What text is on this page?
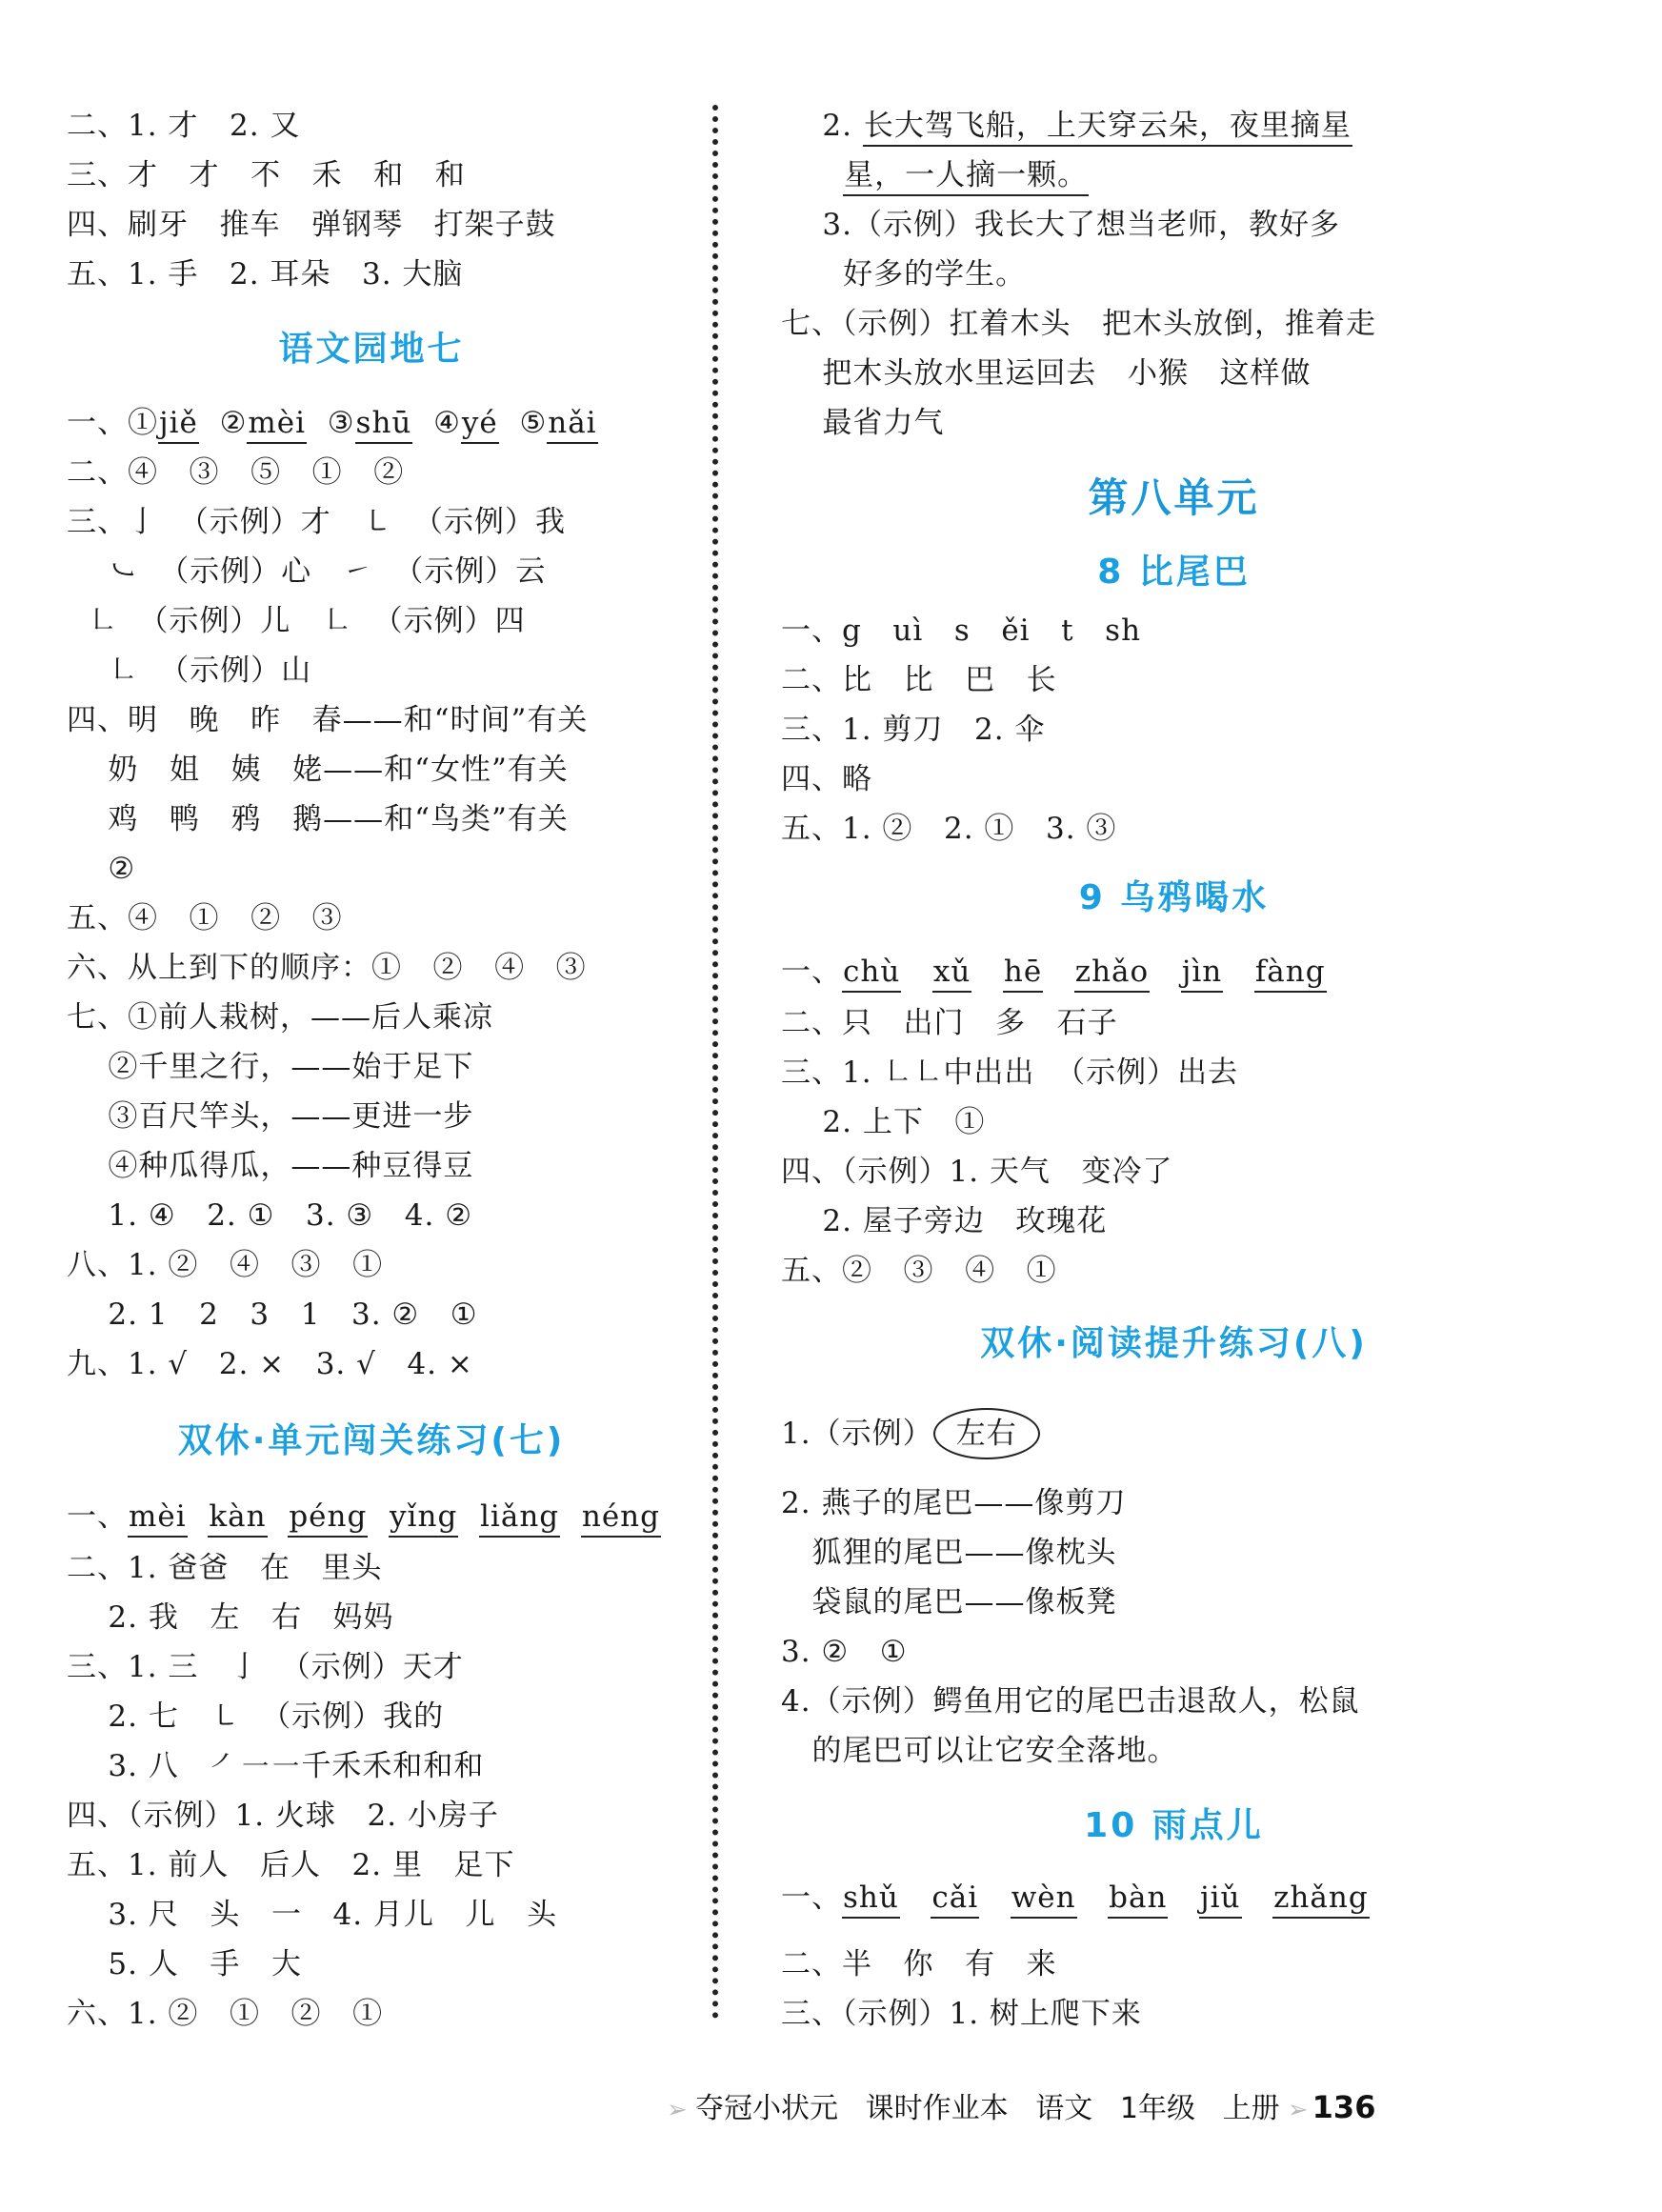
二、1. 才   2. 又
三、才   才   不   禾   和   和
四、刷牙   推车   弹钢琴   打架子鼓
五、1. 手   2. 耳朵   3. 大脑
语文园地七
一、①jiě  ②mèi  ③shū  ④yé  ⑤nǎi
二、④   ③   ⑤   ①   ②
三、亅  （示例）才   ㇄  （示例）我
㇃  （示例）心   ㇀  （示例）云
㇗  （示例）儿   ㇗  （示例）四
㇗  （示例）山
四、明   晚   昨   春——和“时间”有关
奶   姐   姨   姥——和“女性”有关
鸡   鸭   鸦   鹅——和“鸟类”有关
②
五、④   ①   ②   ③
六、从上到下的顺序：①   ②   ④   ③
七、①前人栽树，——后人乘凉
②千里之行，——始于足下
③百尺竿头，——更进一步
④种瓜得瓜，——种豆得豆
1. ④   2. ①   3. ③   4. ②
八、1. ②   ④   ③   ①
2. 1   2   3   1   3. ②   ①
九、1. √   2. ×   3. √   4. ×
双休·单元闯关练习(七)
一、mèi kàn péng yǐng liǎng néng
二、1. 爸爸   在   里头
2. 我   左   右   妈妈
三、1. 三   亅  （示例）天才
2. 七   ㇄  （示例）我的
3. 八   ㇒㇐㇐千禾禾和和和
四、（示例）1. 火球   2. 小房子
五、1. 前人   后人   2. 里   足下
3. 尺   头   一   4. 月儿   儿   头
5. 人   手   大
六、1. ②   ①   ②   ①
2. 长大驾飞船，上天穿云朵，夜里摘星
星，一人摘一颗。
3.（示例）我长大了想当老师，教好多
好多的学生。
七、（示例）扛着木头   把木头放倒，推着走
把木头放水里运回去   小猴   这样做
最省力气
第八单元
8 比尾巴
一、g   uì   s   ěi   t   sh
二、比   比   巴   长
三、1. 剪刀   2. 伞
四、略
五、1. ②   2. ①   3. ③
9 乌鸦喝水
一、chù xǔ hē zhǎo jìn fàng
二、只   出门   多   石子
三、1. ㇗㇗中出出  （示例）出去
2. 上下   ①
四、（示例）1. 天气   变冷了
2. 屋子旁边   玫瑰花
五、②   ③   ④   ①
双休·阅读提升练习(八)
1.（示例） 左右
2. 燕子的尾巴——像剪刀
狐狸的尾巴——像枕头
袋鼠的尾巴——像板凳
3. ②   ①
4.（示例）鳄鱼用它的尾巴击退敌人，松鼠
的尾巴可以让它安全落地。
10 雨点儿
一、shǔ cǎi wèn bàn jiǔ zhǎng
二、半   你   有   来
三、（示例）1. 树上爬下来
➢ 夺冠小状元   课时作业本   语文   1年级   上册 ➢ 136
